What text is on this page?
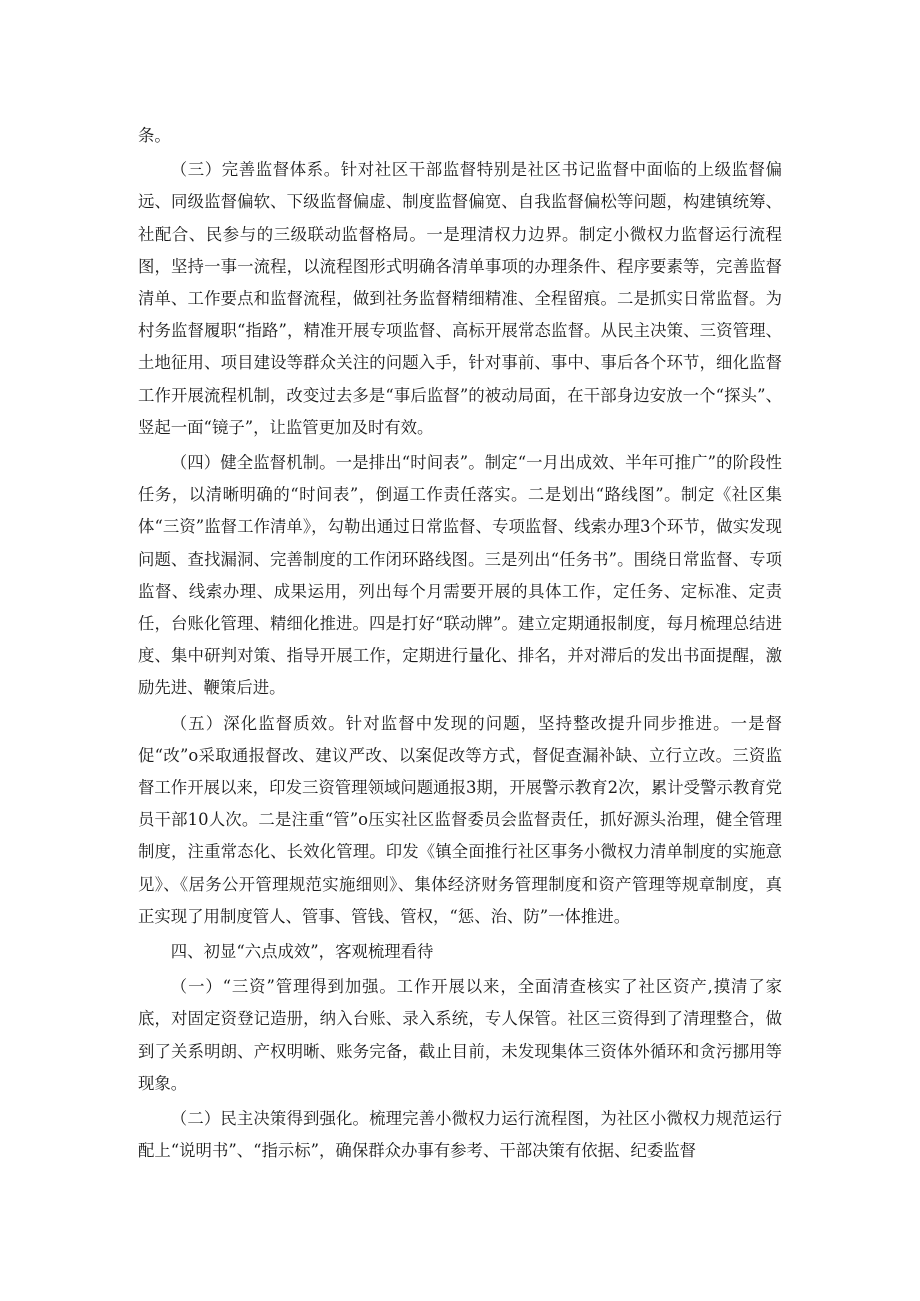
条。

（三）完善监督体系。针对社区干部监督特别是社区书记监督中面临的上级监督偏远、同级监督偏软、下级监督偏虚、制度监督偏宽、自我监督偏松等问题，构建镇统筹、社配合、民参与的三级联动监督格局。一是理清权力边界。制定小微权力监督运行流程图，坚持一事一流程，以流程图形式明确各清单事项的办理条件、程序要素等，完善监督清单、工作要点和监督流程，做到社务监督精细精准、全程留痕。二是抓实日常监督。为村务监督履职“指路”，精准开展专项监督、高标开展常态监督。从民主决策、三资管理、土地征用、项目建设等群众关注的问题入手，针对事前、事中、事后各个环节，细化监督工作开展流程机制，改变过去多是“事后监督”的被动局面，在干部身边安放一个“探头”、竖起一面“镜子”，让监管更加及时有效。

（四）健全监督机制。一是排出“时间表”。制定“一月出成效、半年可推广”的阶段性任务，以清晰明确的“时间表”，倒逼工作责任落实。二是划出“路线图”。制定《社区集体“三资”监督工作清单》，勾勒出通过日常监督、专项监督、线索办理3个环节，做实发现问题、查找漏洞、完善制度的工作闭环路线图。三是列出“任务书”。围绕日常监督、专项监督、线索办理、成果运用，列出每个月需要开展的具体工作，定任务、定标准、定责任，台账化管理、精细化推进。四是打好“联动牌”。建立定期通报制度，每月梳理总结进度、集中研判对策、指导开展工作，定期进行量化、排名，并对滞后的发出书面提醒，激励先进、鞭策后进。

（五）深化监督质效。针对监督中发现的问题，坚持整改提升同步推进。一是督促“改”o采取通报督改、建议严改、以案促改等方式，督促查漏补缺、立行立改。三资监督工作开展以来，印发三资管理领域问题通报3期，开展警示教育2次，累计受警示教育党员干部10人次。二是注重“管”o压实社区监督委员会监督责任，抓好源头治理，健全管理制度，注重常态化、长效化管理。印发《镇全面推行社区事务小微权力清单制度的实施意见》、《居务公开管理规范实施细则》、集体经济财务管理制度和资产管理等规章制度，真正实现了用制度管人、管事、管钱、管权，“惩、治、防”一体推进。

四、初显“六点成效”，客观梳理看待

（一）“三资”管理得到加强。工作开展以来，全面清查核实了社区资产,摸清了家底，对固定资登记造册，纳入台账、录入系统，专人保管。社区三资得到了清理整合，做到了关系明朗、产权明晰、账务完备，截止目前，未发现集体三资体外循环和贪污挪用等现象。

（二）民主决策得到强化。梳理完善小微权力运行流程图，为社区小微权力规范运行配上“说明书”、“指示标”，确保群众办事有参考、干部决策有依据、纪委监督
